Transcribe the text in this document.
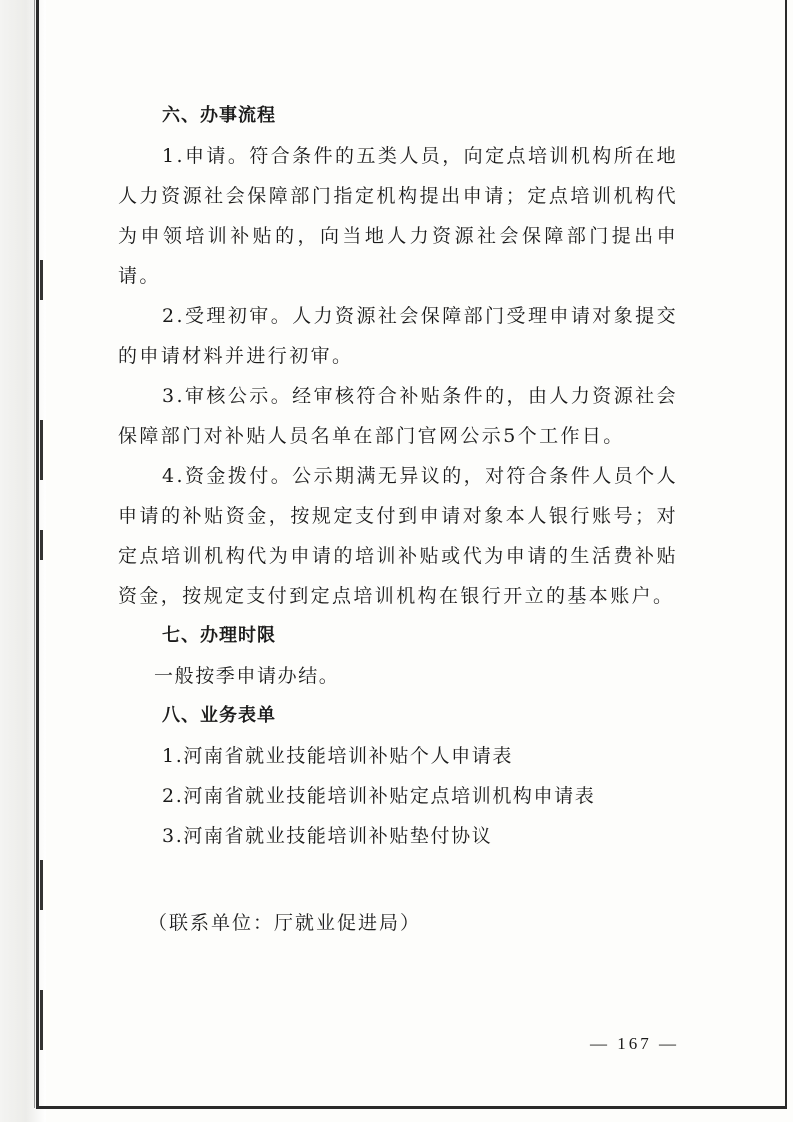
六、办事流程

1.申请。符合条件的五类人员，向定点培训机构所在地人力资源社会保障部门指定机构提出申请；定点培训机构代为申领培训补贴的，向当地人力资源社会保障部门提出申请。

2.受理初审。人力资源社会保障部门受理申请对象提交的申请材料并进行初审。

3.审核公示。经审核符合补贴条件的，由人力资源社会保障部门对补贴人员名单在部门官网公示5个工作日。

4.资金拨付。公示期满无异议的，对符合条件人员个人申请的补贴资金，按规定支付到申请对象本人银行账号；对定点培训机构代为申请的培训补贴或代为申请的生活费补贴资金，按规定支付到定点培训机构在银行开立的基本账户。

七、办理时限
一般按季申请办结。
八、业务表单
1.河南省就业技能培训补贴个人申请表
2.河南省就业技能培训补贴定点培训机构申请表
3.河南省就业技能培训补贴垫付协议
（联系单位：厅就业促进局）
— 167 —
